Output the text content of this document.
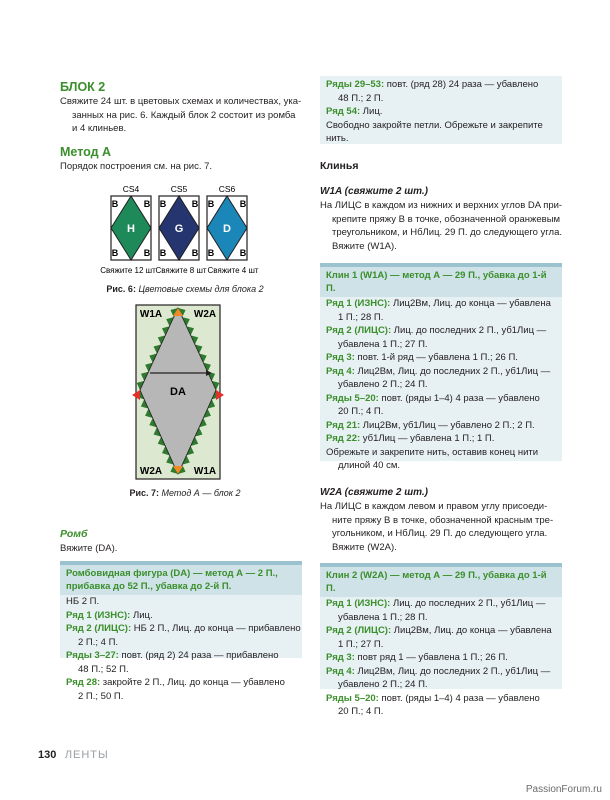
БЛОК 2
Свяжите 24 шт. в цветовых схемах и количествах, ука-
занных на рис. 6. Каждый блок 2 состоит из ромба
и 4 клиньев.
Метод А
Порядок построения см. на рис. 7.
CS4
H
B	B
B	B
CS5
G
B	B
B	B
CS6
D
B	B
B	B
Свяжите 12 шт Свяжите 8 шт Свяжите 4 шт
Рис. 6: Цветовые схемы для блока 2
DA
W1A	W2A
W2A	W1A
Рис. 7: Метод А — блок 2
Ромб
Вяжите (DA).
Ромбовидная фигура (DA) — метод А — 2 П.,
прибавка до 52 П., убавка до 2-й П.
НБ 2 П.
Ряд 1 (ИЗНС): Лиц.
Ряд 2 (ЛИЦС): НБ 2 П., Лиц. до конца — прибавлено
2 П.; 4 П.
Ряды 3–27: повт. (ряд 2) 24 раза — прибавлено
48 П.; 52 П.
Ряд 28: закройте 2 П., Лиц. до конца — убавлено
2 П.; 50 П.
Ряды 29–53: повт. (ряд 28) 24 раза — убавлено
48 П.; 2 П.
Ряд 54: Лиц.
Свободно закройте петли. Обрежьте и закрепите нить.
Клинья
W1A (свяжите 2 шт.)
На ЛИЦС в каждом из нижних и верхних углов DA при-
крепите пряжу В в точке, обозначенной оранжевым
треугольником, и НбЛиц. 29 П. до следующего угла.
Вяжите (W1A).
Клин 1 (W1A) — метод А — 29 П., убавка до 1-й П.
Ряд 1 (ИЗНС): Лиц2Вм, Лиц. до конца — убавлена
1 П.; 28 П.
Ряд 2 (ЛИЦС): Лиц. до последних 2 П., уб1Лиц —
убавлена 1 П.; 27 П.
Ряд 3: повт. 1-й ряд — убавлена 1 П.; 26 П.
Ряд 4: Лиц2Вм, Лиц. до последних 2 П., уб1Лиц —
убавлено 2 П.; 24 П.
Ряды 5–20: повт. (ряды 1–4) 4 раза — убавлено
20 П.; 4 П.
Ряд 21: Лиц2Вм, уб1Лиц — убавлено 2 П.; 2 П.
Ряд 22: уб1Лиц — убавлена 1 П.; 1 П.
Обрежьте и закрепите нить, оставив конец нити
длиной 40 см.
W2A (свяжите 2 шт.)
На ЛИЦС в каждом левом и правом углу присоеди-
ните пряжу В в точке, обозначенной красным тре-
угольником, и НбЛиц. 29 П. до следующего угла.
Вяжите (W2A).
Клин 2 (W2A) — метод А — 29 П., убавка до 1-й П.
Ряд 1 (ИЗНС): Лиц. до последних 2 П., уб1Лиц —
убавлена 1 П.; 28 П.
Ряд 2 (ЛИЦС): Лиц2Вм, Лиц. до конца — убавлена
1 П.; 27 П.
Ряд 3: повт ряд 1 — убавлена 1 П.; 26 П.
Ряд 4: Лиц2Вм, Лиц. до последних 2 П., уб1Лиц —
убавлено 2 П.; 24 П.
Ряды 5–20: повт. (ряды 1–4) 4 раза — убавлено
20 П.; 4 П.
130 ЛЕНТЫ
PassionForum.ru
